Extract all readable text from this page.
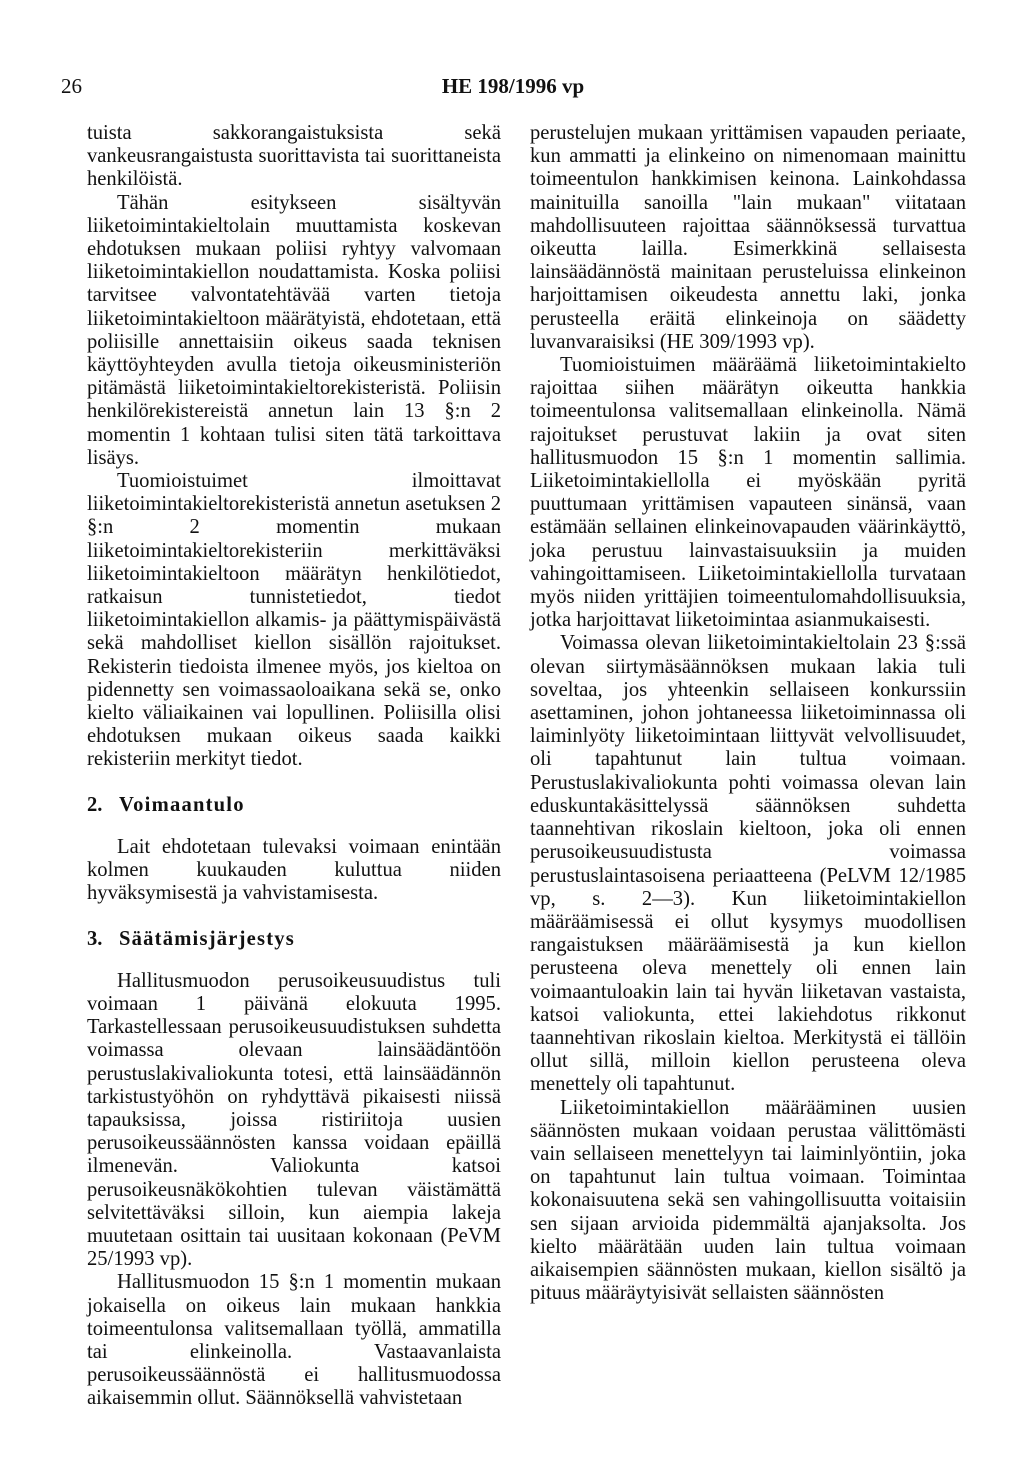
26	HE 198/1996 vp

tuista sakkorangaistuksista sekä vankeusrangaistusta suorittavista tai suorittaneista henkilöistä.

Tähän esitykseen sisältyvän liiketoimintakieltolain muuttamista koskevan ehdotuksen mukaan poliisi ryhtyy valvomaan liiketoimintakiellon noudattamista. Koska poliisi tarvitsee valvontatehtävää varten tietoja liiketoimintakieltoon määrätyistä, ehdotetaan, että poliisille annettaisiin oikeus saada teknisen käyttöyhteyden avulla tietoja oikeusministeriön pitämästä liiketoimintakieltorekisteristä. Poliisin henkilörekistereistä annetun lain 13 §:n 2 momentin 1 kohtaan tulisi siten tätä tarkoittava lisäys.

Tuomioistuimet ilmoittavat liiketoimintakieltorekisteristä annetun asetuksen 2 §:n 2 momentin mukaan liiketoimintakieltorekisteriin merkittäväksi liiketoimintakieltoon määrätyn henkilötiedot, ratkaisun tunnistetiedot, tiedot liiketoimintakiellon alkamis- ja päättymispäivästä sekä mahdolliset kiellon sisällön rajoitukset. Rekisterin tiedoista ilmenee myös, jos kieltoa on pidennetty sen voimassaoloaikana sekä se, onko kielto väliaikainen vai lopullinen. Poliisilla olisi ehdotuksen mukaan oikeus saada kaikki rekisteriin merkityt tiedot.

2. Voimaantulo

Lait ehdotetaan tulevaksi voimaan enintään kolmen kuukauden kuluttua niiden hyväksymisestä ja vahvistamisesta.

3. Säätämisjärjestys

Hallitusmuodon perusoikeusuudistus tuli voimaan 1 päivänä elokuuta 1995. Tarkastellessaan perusoikeusuudistuksen suhdetta voimassa olevaan lainsäädäntöön perustuslakivaliokunta totesi, että lainsäädännön tarkistustyöhön on ryhdyttävä pikaisesti niissä tapauksissa, joissa ristiriitoja uusien perusoikeussäännösten kanssa voidaan epäillä ilmenevän. Valiokunta katsoi perusoikeusnäkökohtien tulevan väistämättä selvitettäväksi silloin, kun aiempia lakeja muutetaan osittain tai uusitaan kokonaan (PeVM 25/1993 vp).

Hallitusmuodon 15 §:n 1 momentin mukaan jokaisella on oikeus lain mukaan hankkia toimeentulonsa valitsemallaan työllä, ammatilla tai elinkeinolla. Vastaavanlaista perusoikeussäännöstä ei hallitusmuodossa aikaisemmin ollut. Säännöksellä vahvistetaan

perustelujen mukaan yrittämisen vapauden periaate, kun ammatti ja elinkeino on nimenomaan mainittu toimeentulon hankkimisen keinona. Lainkohdassa mainituilla sanoilla "lain mukaan" viitataan mahdollisuuteen rajoittaa säännöksessä turvattua oikeutta lailla. Esimerkkinä sellaisesta lainsäädännöstä mainitaan perusteluissa elinkeinon harjoittamisen oikeudesta annettu laki, jonka perusteella eräitä elinkeinoja on säädetty luvanvaraisiksi (HE 309/1993 vp).

Tuomioistuimen määräämä liiketoimintakielto rajoittaa siihen määrätyn oikeutta hankkia toimeentulonsa valitsemallaan elinkeinolla. Nämä rajoitukset perustuvat lakiin ja ovat siten hallitusmuodon 15 §:n 1 momentin sallimia. Liiketoimintakiellolla ei myöskään pyritä puuttumaan yrittämisen vapauteen sinänsä, vaan estämään sellainen elinkeinovapauden väärinkäyttö, joka perustuu lainvastaisuuksiin ja muiden vahingoittamiseen. Liiketoimintakiellolla turvataan myös niiden yrittäjien toimeentulomahdollisuuksia, jotka harjoittavat liiketoimintaa asianmukaisesti.

Voimassa olevan liiketoimintakieltolain 23 §:ssä olevan siirtymäsäännöksen mukaan lakia tuli soveltaa, jos yhteenkin sellaiseen konkurssiin asettaminen, johon johtaneessa liiketoiminnassa oli laiminlyöty liiketoimintaan liittyvät velvollisuudet, oli tapahtunut lain tultua voimaan. Perustuslakivaliokunta pohti voimassa olevan lain eduskuntakäsittelyssä säännöksen suhdetta taannehtivan rikoslain kieltoon, joka oli ennen perusoikeusuudistusta voimassa perustuslaintasoisena periaatteena (PeLVM 12/1985 vp, s. 2—3). Kun liiketoimintakiellon määräämisessä ei ollut kysymys muodollisen rangaistuksen määräämisestä ja kun kiellon perusteena oleva menettely oli ennen lain voimaantuloakin lain tai hyvän liiketavan vastaista, katsoi valiokunta, ettei lakiehdotus rikkonut taannehtivan rikoslain kieltoa. Merkitystä ei tällöin ollut sillä, milloin kiellon perusteena oleva menettely oli tapahtunut.

Liiketoimintakiellon määrääminen uusien säännösten mukaan voidaan perustaa välittömästi vain sellaiseen menettelyyn tai laiminlyöntiin, joka on tapahtunut lain tultua voimaan. Toimintaa kokonaisuutena sekä sen vahingollisuutta voitaisiin sen sijaan arvioida pidemmältä ajanjaksolta. Jos kielto määrätään uuden lain tultua voimaan aikaisempien säännösten mukaan, kiellon sisältö ja pituus määräytyisivät sellaisten säännösten
